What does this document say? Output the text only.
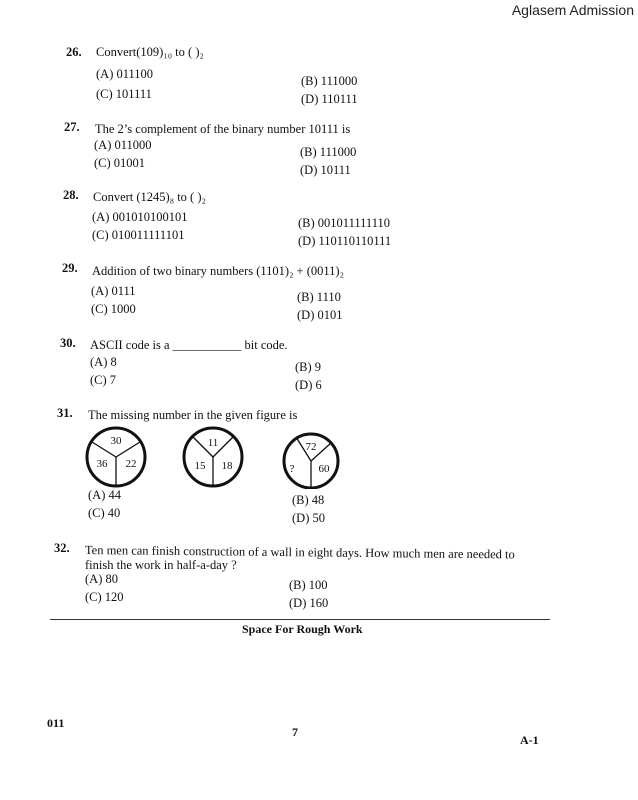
Aglasem Admission
26. Convert(109)₁₀ to ( )₂
(A) 011100	(B) 111000
(C) 101111	(D) 110111
27. The 2’s complement of the binary number 10111 is
(A) 011000	(B) 111000
(C) 01001	(D) 10111
28. Convert (1245)₈ to ( )₂
(A) 001010100101	(B) 001011111110
(C) 010011111101	(D) 110110110111
29. Addition of two binary numbers (1101)₂ + (0011)₂
(A) 0111	(B) 1110
(C) 1000	(D) 0101
30. ASCII code is a ___________ bit code.
(A) 8	(B) 9
(C) 7	(D) 6
31. The missing number in the given figure is
30
36 22
11
15 18
72
? 60
(A) 44	(B) 48
(C) 40	(D) 50
32. Ten men can finish construction of a wall in eight days. How much men are needed to
finish the work in half-a-day ?
(A) 80	(B) 100
(C) 120	(D) 160
Space For Rough Work
011
7
A-1
